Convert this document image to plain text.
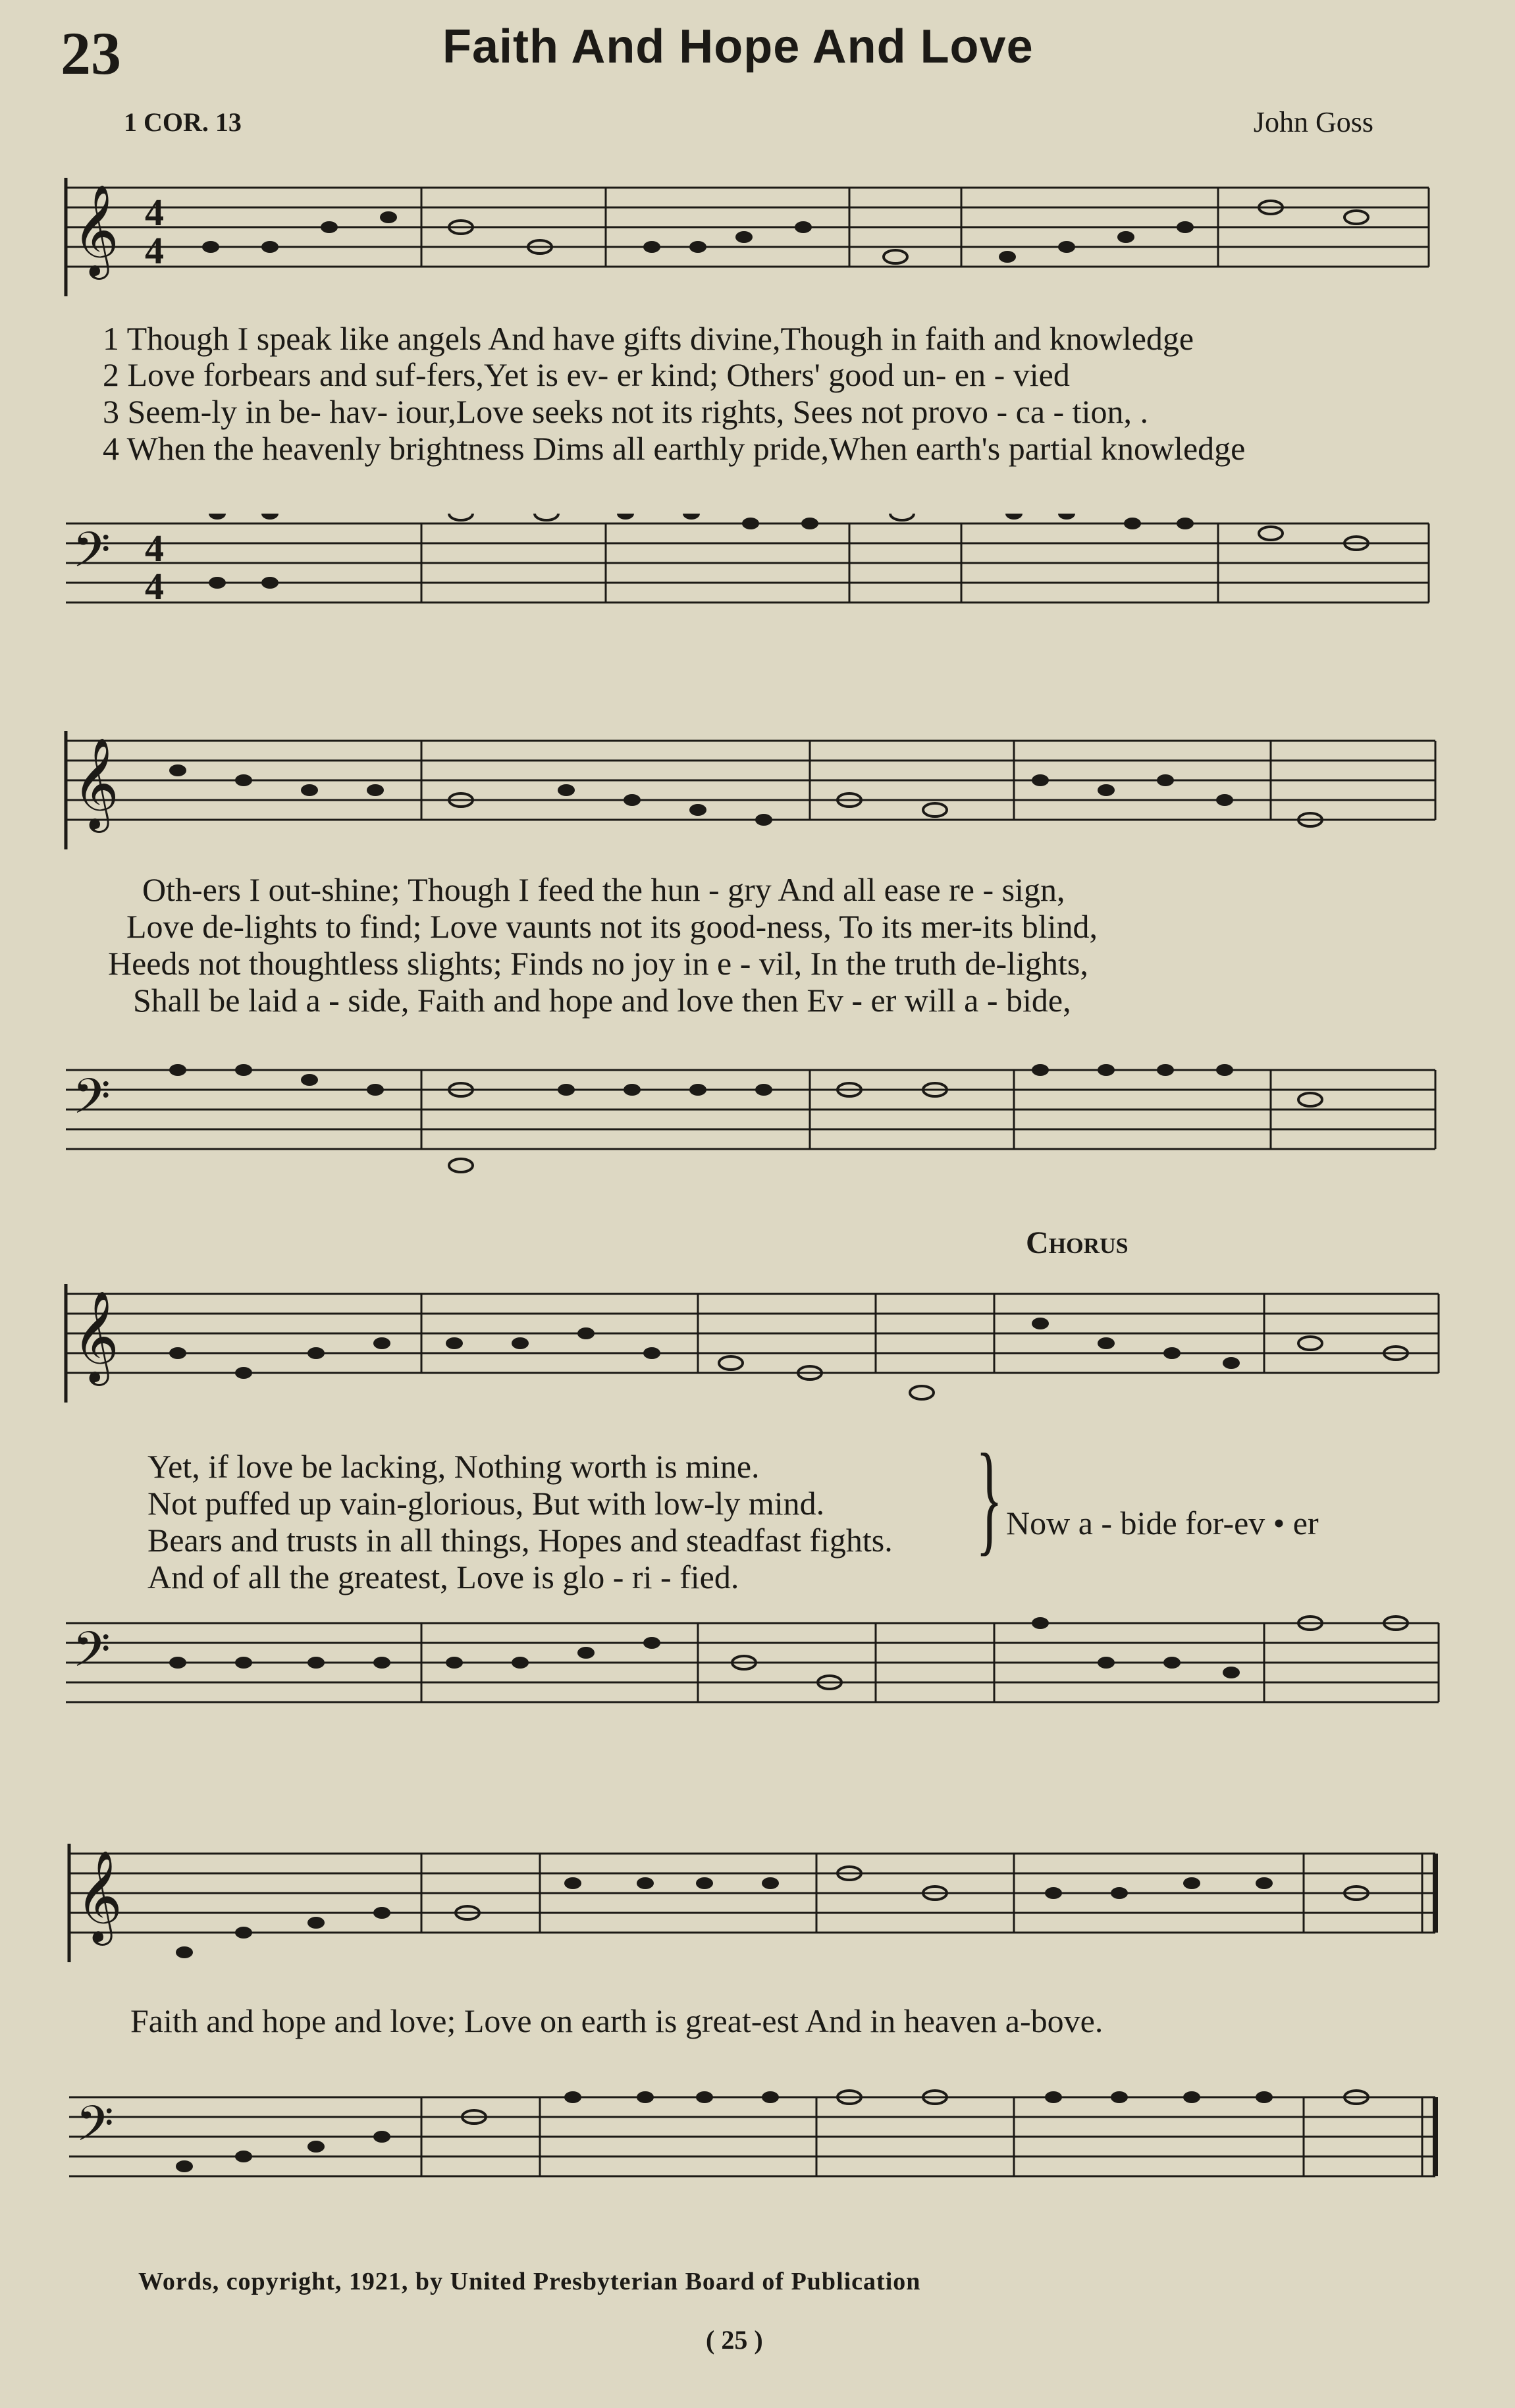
23	Faith And Hope And Love
1 COR. 13	John Goss
𝄞 4
4
1 Though I speak like angels And have gifts divine,Though in faith and knowledge
2 Love forbears and suf-fers,Yet is ev- er kind; Others' good un- en - vied
3 Seem-ly in be- hav- iour,Love seeks not its rights, Sees not provo - ca - tion, .
4 When the heavenly brightness Dims all earthly pride,When earth's partial knowledge
𝄢 4
4
𝄞
Oth-ers I out-shine; Though I feed the hun - gry And all ease re - sign,
Love de-lights to find; Love vaunts not its good-ness, To its mer-its blind,
Heeds not thoughtless slights; Finds no joy in e - vil, In the truth de-lights,
Shall be laid a - side, Faith and hope and love then Ev - er will a - bide,
𝄢
Chorus
𝄞
Yet, if love be lacking, Nothing worth is mine.
Not puffed up vain-glorious, But with low-ly mind.
Bears and trusts in all things, Hopes and steadfast fights.
And of all the greatest, Love is glo - ri - fied.
} Now a - bide for-ev • er
𝄢
𝄞
Faith and hope and love; Love on earth is great-est And in heaven a-bove.
𝄢
Words, copyright, 1921, by United Presbyterian Board of Publication
( 25 )
